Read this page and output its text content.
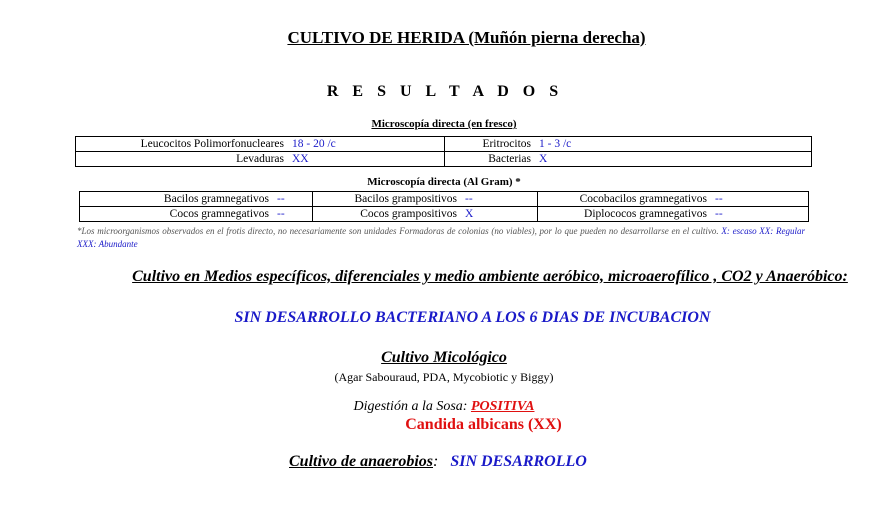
CULTIVO DE HERIDA (Muñón pierna derecha)
R E S U L T A D O S
Microscopía directa (en fresco)
Leucocitos Polimorfonucleares 18 - 20 /c	Eritrocitos 1 - 3 /c
Levaduras XX	Bacterias X
Microscopía directa (Al Gram) *
Bacilos gramnegativos --	Bacilos grampositivos --	Cocobacilos gramnegativos --
Cocos gramnegativos --	Cocos grampositivos X	Diplococos gramnegativos --
*Los microorganismos observados en el frotis directo, no necesariamente son unidades Formadoras de colonias (no viables), por lo que pueden no desarrollarse en el cultivo. X: escaso XX: Regular XXX: Abundante
Cultivo en Medios específicos, diferenciales y medio ambiente aeróbico, microaerofílico , CO2 y Anaeróbico:
SIN DESARROLLO BACTERIANO A LOS 6 DIAS DE INCUBACION
Cultivo Micológico
(Agar Sabouraud, PDA, Mycobiotic y Biggy)
Digestión a la Sosa: POSITIVA
Candida albicans (XX)
Cultivo de anaerobios: SIN DESARROLLO
